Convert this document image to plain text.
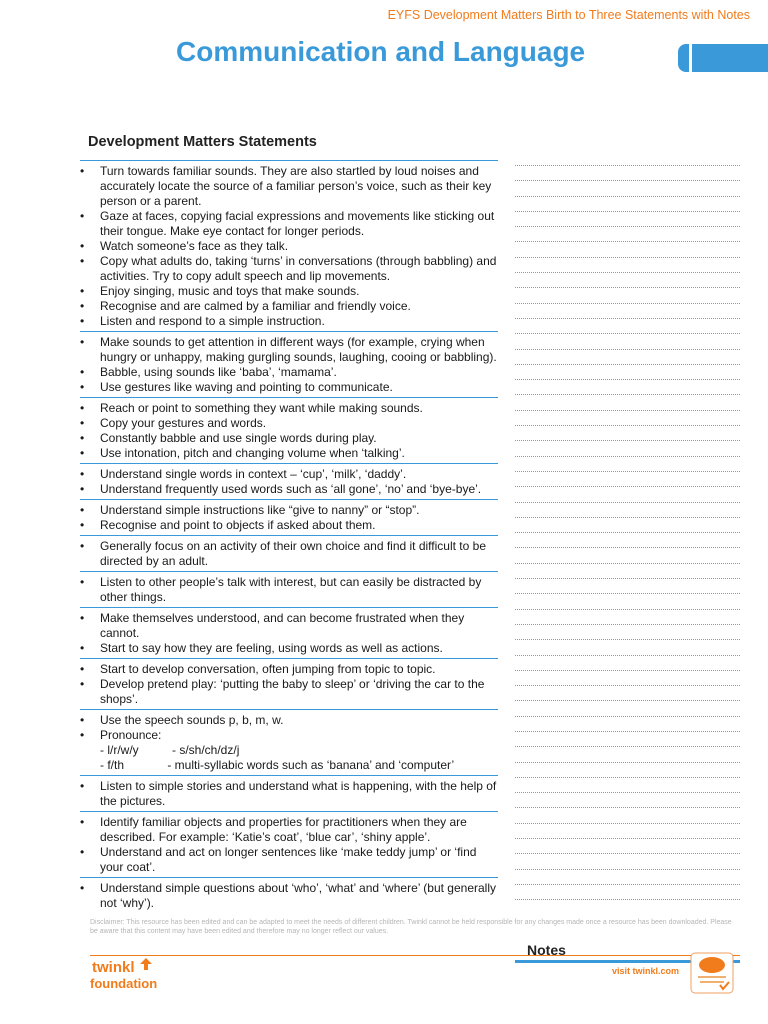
EYFS Development Matters Birth to Three Statements with Notes
Communication and Language
Development Matters Statements
• Turn towards familiar sounds. They are also startled by loud noises and accurately locate the source of a familiar person’s voice, such as their key person or a parent.
• Gaze at faces, copying facial expressions and movements like sticking out their tongue. Make eye contact for longer periods.
• Watch someone’s face as they talk.
• Copy what adults do, taking ‘turns’ in conversations (through babbling) and activities. Try to copy adult speech and lip movements.
• Enjoy singing, music and toys that make sounds.
• Recognise and are calmed by a familiar and friendly voice.
• Listen and respond to a simple instruction.
• Make sounds to get attention in different ways (for example, crying when hungry or unhappy, making gurgling sounds, laughing, cooing or babbling).
• Babble, using sounds like ‘baba’, ‘mamama’.
• Use gestures like waving and pointing to communicate.
• Reach or point to something they want while making sounds.
• Copy your gestures and words.
• Constantly babble and use single words during play.
• Use intonation, pitch and changing volume when ‘talking’.
• Understand single words in context – ‘cup’, ‘milk’, ‘daddy’.
• Understand frequently used words such as ‘all gone’, ‘no’ and ‘bye-bye’.
• Understand simple instructions like “give to nanny” or “stop”.
• Recognise and point to objects if asked about them.
• Generally focus on an activity of their own choice and find it difficult to be directed by an adult.
• Listen to other people’s talk with interest, but can easily be distracted by other things.
• Make themselves understood, and can become frustrated when they cannot.
• Start to say how they are feeling, using words as well as actions.
• Start to develop conversation, often jumping from topic to topic.
• Develop pretend play: ‘putting the baby to sleep’ or ‘driving the car to the shops’.
• Use the speech sounds p, b, m, w.
• Pronounce:
- l/r/w/y          - s/sh/ch/dz/j
- f/th             - multi-syllabic words such as ‘banana’ and ‘computer’
• Listen to simple stories and understand what is happening, with the help of the pictures.
• Identify familiar objects and properties for practitioners when they are described. For example: ‘Katie’s coat’, ‘blue car’, ‘shiny apple’.
• Understand and act on longer sentences like ‘make teddy jump’ or ‘find your coat’.
• Understand simple questions about ‘who’, ‘what’ and ‘where’ (but generally not ‘why’).
Disclaimer: This resource has been edited and can be adapted to meet the needs of different children. Twinkl cannot be held responsible for any changes made once a resource has been downloaded. Please be aware that this content may have been edited and therefore may no longer reflect our values.
Notes
visit twinkl.com
twinkl
foundation
